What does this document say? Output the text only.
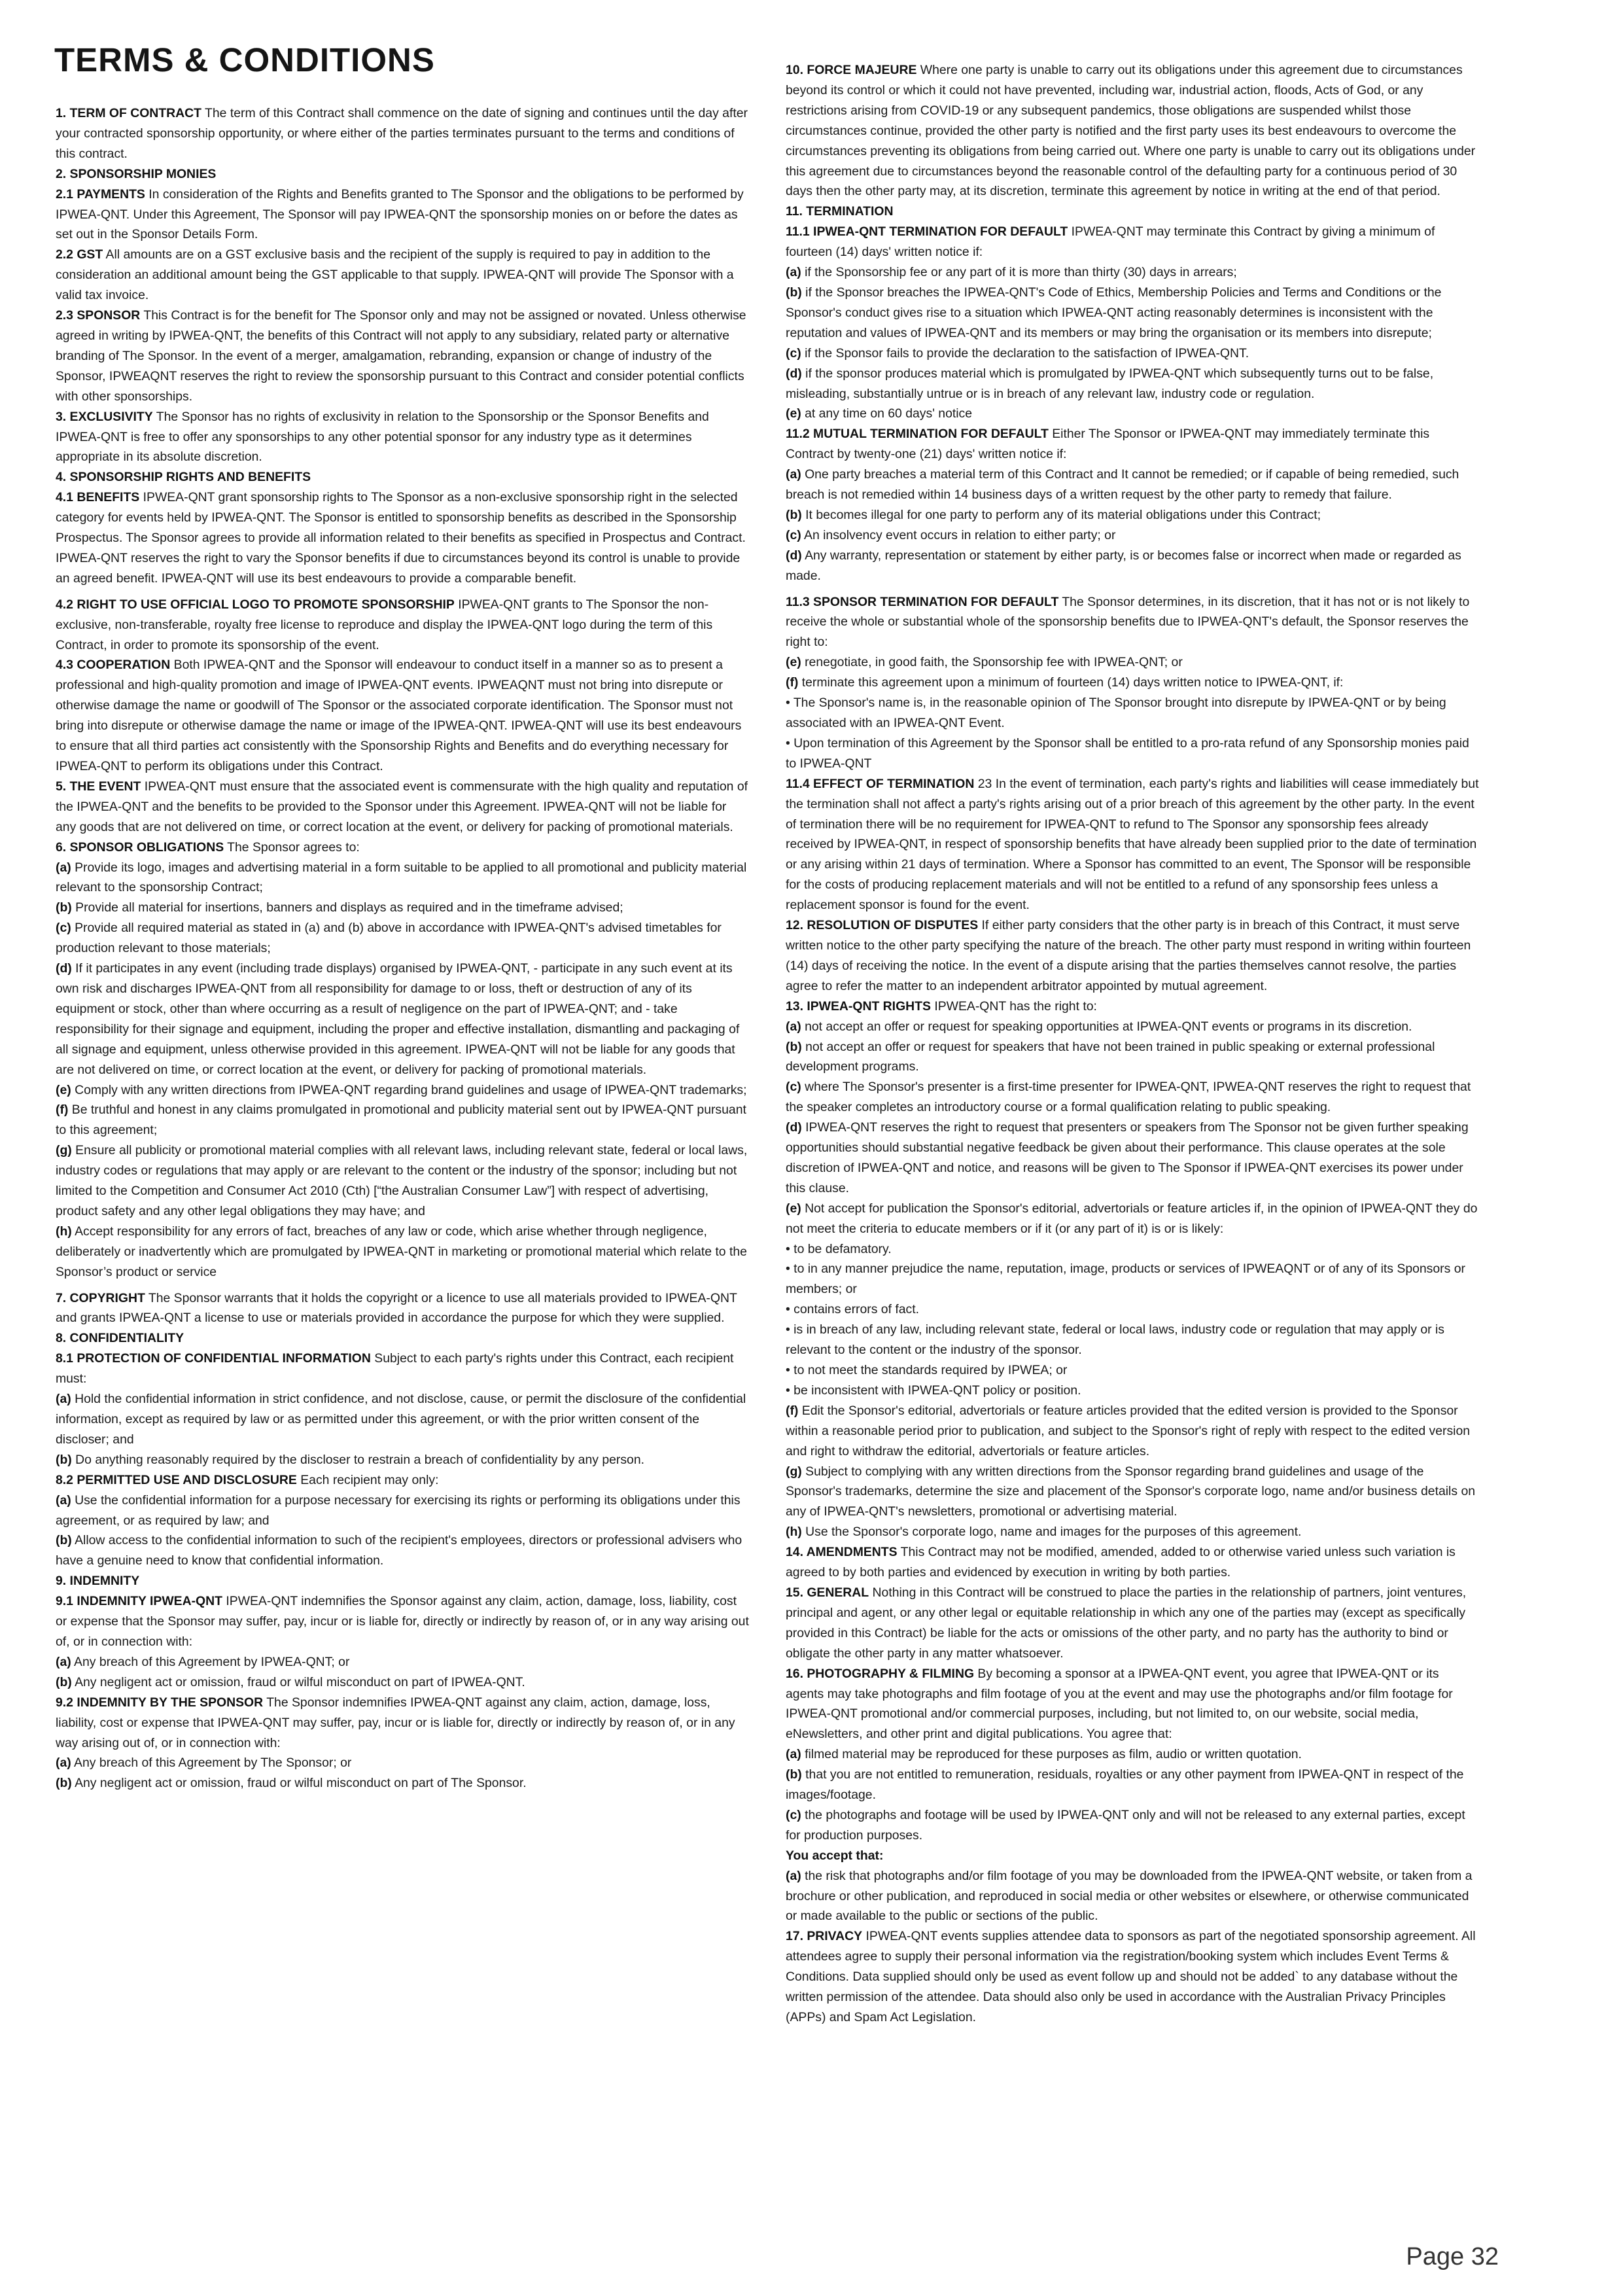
TERMS & CONDITIONS

1. TERM OF CONTRACT The term of this Contract shall commence on the date of signing and continues until the day after your contracted sponsorship opportunity, or where either of the parties terminates pursuant to the terms and conditions of this contract.

2. SPONSORSHIP MONIES

2.1 PAYMENTS In consideration of the Rights and Benefits granted to The Sponsor and the obligations to be performed by IPWEA-QNT. Under this Agreement, The Sponsor will pay IPWEA-QNT the sponsorship monies on or before the dates as set out in the Sponsor Details Form.

2.2 GST All amounts are on a GST exclusive basis and the recipient of the supply is required to pay in addition to the consideration an additional amount being the GST applicable to that supply. IPWEA-QNT will provide The Sponsor with a valid tax invoice.

2.3 SPONSOR This Contract is for the benefit for The Sponsor only and may not be assigned or novated. Unless otherwise agreed in writing by IPWEA-QNT, the benefits of this Contract will not apply to any subsidiary, related party or alternative branding of The Sponsor. In the event of a merger, amalgamation, rebranding, expansion or change of industry of the Sponsor, IPWEAQNT reserves the right to review the sponsorship pursuant to this Contract and consider potential conflicts with other sponsorships.

3. EXCLUSIVITY The Sponsor has no rights of exclusivity in relation to the Sponsorship or the Sponsor Benefits and IPWEA-QNT is free to offer any sponsorships to any other potential sponsor for any industry type as it determines appropriate in its absolute discretion.

4. SPONSORSHIP RIGHTS AND BENEFITS

4.1 BENEFITS IPWEA-QNT grant sponsorship rights to The Sponsor as a non-exclusive sponsorship right in the selected category for events held by IPWEA-QNT. The Sponsor is entitled to sponsorship benefits as described in the Sponsorship Prospectus. The Sponsor agrees to provide all information related to their benefits as specified in Prospectus and Contract. IPWEA-QNT reserves the right to vary the Sponsor benefits if due to circumstances beyond its control is unable to provide an agreed benefit. IPWEA-QNT will use its best endeavours to provide a comparable benefit.

4.2 RIGHT TO USE OFFICIAL LOGO TO PROMOTE SPONSORSHIP IPWEA-QNT grants to The Sponsor the non-exclusive, non-transferable, royalty free license to reproduce and display the IPWEA-QNT logo during the term of this Contract, in order to promote its sponsorship of the event.

4.3 COOPERATION Both IPWEA-QNT and the Sponsor will endeavour to conduct itself in a manner so as to present a professional and high-quality promotion and image of IPWEA-QNT events. IPWEAQNT must not bring into disrepute or otherwise damage the name or goodwill of The Sponsor or the associated corporate identification. The Sponsor must not bring into disrepute or otherwise damage the name or image of the IPWEA-QNT. IPWEA-QNT will use its best endeavours to ensure that all third parties act consistently with the Sponsorship Rights and Benefits and do everything necessary for IPWEA-QNT to perform its obligations under this Contract.

5. THE EVENT IPWEA-QNT must ensure that the associated event is commensurate with the high quality and reputation of the IPWEA-QNT and the benefits to be provided to the Sponsor under this Agreement. IPWEA-QNT will not be liable for any goods that are not delivered on time, or correct location at the event, or delivery for packing of promotional materials.

6. SPONSOR OBLIGATIONS The Sponsor agrees to:

(a) Provide its logo, images and advertising material in a form suitable to be applied to all promotional and publicity material relevant to the sponsorship Contract;

(b) Provide all material for insertions, banners and displays as required and in the timeframe advised;

(c) Provide all required material as stated in (a) and (b) above in accordance with IPWEA-QNT's advised timetables for production relevant to those materials;

(d) If it participates in any event (including trade displays) organised by IPWEA-QNT, - participate in any such event at its own risk and discharges IPWEA-QNT from all responsibility for damage to or loss, theft or destruction of any of its equipment or stock, other than where occurring as a result of negligence on the part of IPWEA-QNT; and - take responsibility for their signage and equipment, including the proper and effective installation, dismantling and packaging of all signage and equipment, unless otherwise provided in this agreement. IPWEA-QNT will not be liable for any goods that are not delivered on time, or correct location at the event, or delivery for packing of promotional materials.

(e) Comply with any written directions from IPWEA-QNT regarding brand guidelines and usage of IPWEA-QNT trademarks;

(f) Be truthful and honest in any claims promulgated in promotional and publicity material sent out by IPWEA-QNT pursuant to this agreement;

(g) Ensure all publicity or promotional material complies with all relevant laws, including relevant state, federal or local laws, industry codes or regulations that may apply or are relevant to the content or the industry of the sponsor; including but not limited to the Competition and Consumer Act 2010 (Cth) [“the Australian Consumer Law”] with respect of advertising, product safety and any other legal obligations they may have; and

(h) Accept responsibility for any errors of fact, breaches of any law or code, which arise whether through negligence, deliberately or inadvertently which are promulgated by IPWEA-QNT in marketing or promotional material which relate to the Sponsor’s product or service

7. COPYRIGHT The Sponsor warrants that it holds the copyright or a licence to use all materials provided to IPWEA-QNT and grants IPWEA-QNT a license to use or materials provided in accordance the purpose for which they were supplied.

8. CONFIDENTIALITY

8.1 PROTECTION OF CONFIDENTIAL INFORMATION Subject to each party's rights under this Contract, each recipient must:

(a) Hold the confidential information in strict confidence, and not disclose, cause, or permit the disclosure of the confidential information, except as required by law or as permitted under this agreement, or with the prior written consent of the discloser; and

(b) Do anything reasonably required by the discloser to restrain a breach of confidentiality by any person.

8.2 PERMITTED USE AND DISCLOSURE Each recipient may only:

(a) Use the confidential information for a purpose necessary for exercising its rights or performing its obligations under this agreement, or as required by law; and

(b) Allow access to the confidential information to such of the recipient's employees, directors or professional advisers who have a genuine need to know that confidential information.

9. INDEMNITY

9.1 INDEMNITY IPWEA-QNT IPWEA-QNT indemnifies the Sponsor against any claim, action, damage, loss, liability, cost or expense that the Sponsor may suffer, pay, incur or is liable for, directly or indirectly by reason of, or in any way arising out of, or in connection with:

(a) Any breach of this Agreement by IPWEA-QNT; or

(b) Any negligent act or omission, fraud or wilful misconduct on part of IPWEA-QNT.

9.2 INDEMNITY BY THE SPONSOR The Sponsor indemnifies IPWEA-QNT against any claim, action, damage, loss, liability, cost or expense that IPWEA-QNT may suffer, pay, incur or is liable for, directly or indirectly by reason of, or in any way arising out of, or in connection with:

(a) Any breach of this Agreement by The Sponsor; or

(b) Any negligent act or omission, fraud or wilful misconduct on part of The Sponsor.

10. FORCE MAJEURE Where one party is unable to carry out its obligations under this agreement due to circumstances beyond its control or which it could not have prevented, including war, industrial action, floods, Acts of God, or any restrictions arising from COVID-19 or any subsequent pandemics, those obligations are suspended whilst those circumstances continue, provided the other party is notified and the first party uses its best endeavours to overcome the circumstances preventing its obligations from being carried out. Where one party is unable to carry out its obligations under this agreement due to circumstances beyond the reasonable control of the defaulting party for a continuous period of 30 days then the other party may, at its discretion, terminate this agreement by notice in writing at the end of that period.

11. TERMINATION

11.1 IPWEA-QNT TERMINATION FOR DEFAULT IPWEA-QNT may terminate this Contract by giving a minimum of fourteen (14) days' written notice if:

(a) if the Sponsorship fee or any part of it is more than thirty (30) days in arrears;

(b) if the Sponsor breaches the IPWEA-QNT's Code of Ethics, Membership Policies and Terms and Conditions or the Sponsor's conduct gives rise to a situation which IPWEA-QNT acting reasonably determines is inconsistent with the reputation and values of IPWEA-QNT and its members or may bring the organisation or its members into disrepute;

(c) if the Sponsor fails to provide the declaration to the satisfaction of IPWEA-QNT.

(d) if the sponsor produces material which is promulgated by IPWEA-QNT which subsequently turns out to be false, misleading, substantially untrue or is in breach of any relevant law, industry code or regulation.

(e) at any time on 60 days' notice

11.2 MUTUAL TERMINATION FOR DEFAULT Either The Sponsor or IPWEA-QNT may immediately terminate this Contract by twenty-one (21) days' written notice if:

(a) One party breaches a material term of this Contract and It cannot be remedied; or if capable of being remedied, such breach is not remedied within 14 business days of a written request by the other party to remedy that failure.

(b) It becomes illegal for one party to perform any of its material obligations under this Contract;

(c) An insolvency event occurs in relation to either party; or

(d) Any warranty, representation or statement by either party, is or becomes false or incorrect when made or regarded as made.

11.3 SPONSOR TERMINATION FOR DEFAULT The Sponsor determines, in its discretion, that it has not or is not likely to receive the whole or substantial whole of the sponsorship benefits due to IPWEA-QNT's default, the Sponsor reserves the right to:

(e) renegotiate, in good faith, the Sponsorship fee with IPWEA-QNT; or

(f) terminate this agreement upon a minimum of fourteen (14) days written notice to IPWEA-QNT, if:

• The Sponsor's name is, in the reasonable opinion of The Sponsor brought into disrepute by IPWEA-QNT or by being associated with an IPWEA-QNT Event.

• Upon termination of this Agreement by the Sponsor shall be entitled to a pro-rata refund of any Sponsorship monies paid to IPWEA-QNT

11.4 EFFECT OF TERMINATION 23 In the event of termination, each party's rights and liabilities will cease immediately but the termination shall not affect a party's rights arising out of a prior breach of this agreement by the other party. In the event of termination there will be no requirement for IPWEA-QNT to refund to The Sponsor any sponsorship fees already received by IPWEA-QNT, in respect of sponsorship benefits that have already been supplied prior to the date of termination or any arising within 21 days of termination. Where a Sponsor has committed to an event, The Sponsor will be responsible for the costs of producing replacement materials and will not be entitled to a refund of any sponsorship fees unless a replacement sponsor is found for the event.

12. RESOLUTION OF DISPUTES If either party considers that the other party is in breach of this Contract, it must serve written notice to the other party specifying the nature of the breach. The other party must respond in writing within fourteen (14) days of receiving the notice. In the event of a dispute arising that the parties themselves cannot resolve, the parties agree to refer the matter to an independent arbitrator appointed by mutual agreement.

13. IPWEA-QNT RIGHTS IPWEA-QNT has the right to:

(a) not accept an offer or request for speaking opportunities at IPWEA-QNT events or programs in its discretion.

(b) not accept an offer or request for speakers that have not been trained in public speaking or external professional development programs.

(c) where The Sponsor's presenter is a first-time presenter for IPWEA-QNT, IPWEA-QNT reserves the right to request that the speaker completes an introductory course or a formal qualification relating to public speaking.

(d) IPWEA-QNT reserves the right to request that presenters or speakers from The Sponsor not be given further speaking opportunities should substantial negative feedback be given about their performance. This clause operates at the sole discretion of IPWEA-QNT and notice, and reasons will be given to The Sponsor if IPWEA-QNT exercises its power under this clause.

(e) Not accept for publication the Sponsor's editorial, advertorials or feature articles if, in the opinion of IPWEA-QNT they do not meet the criteria to educate members or if it (or any part of it) is or is likely:

• to be defamatory.

• to in any manner prejudice the name, reputation, image, products or services of IPWEAQNT or of any of its Sponsors or members; or

• contains errors of fact.

• is in breach of any law, including relevant state, federal or local laws, industry code or regulation that may apply or is relevant to the content or the industry of the sponsor.

• to not meet the standards required by IPWEA; or

• be inconsistent with IPWEA-QNT policy or position.

(f) Edit the Sponsor's editorial, advertorials or feature articles provided that the edited version is provided to the Sponsor within a reasonable period prior to publication, and subject to the Sponsor's right of reply with respect to the edited version and right to withdraw the editorial, advertorials or feature articles.

(g) Subject to complying with any written directions from the Sponsor regarding brand guidelines and usage of the Sponsor's trademarks, determine the size and placement of the Sponsor's corporate logo, name and/or business details on any of IPWEA-QNT's newsletters, promotional or advertising material.

(h) Use the Sponsor's corporate logo, name and images for the purposes of this agreement.

14. AMENDMENTS This Contract may not be modified, amended, added to or otherwise varied unless such variation is agreed to by both parties and evidenced by execution in writing by both parties.

15. GENERAL Nothing in this Contract will be construed to place the parties in the relationship of partners, joint ventures, principal and agent, or any other legal or equitable relationship in which any one of the parties may (except as specifically provided in this Contract) be liable for the acts or omissions of the other party, and no party has the authority to bind or obligate the other party in any matter whatsoever.

16. PHOTOGRAPHY & FILMING By becoming a sponsor at a IPWEA-QNT event, you agree that IPWEA-QNT or its agents may take photographs and film footage of you at the event and may use the photographs and/or film footage for IPWEA-QNT promotional and/or commercial purposes, including, but not limited to, on our website, social media, eNewsletters, and other print and digital publications. You agree that:

(a) filmed material may be reproduced for these purposes as film, audio or written quotation.

(b) that you are not entitled to remuneration, residuals, royalties or any other payment from IPWEA-QNT in respect of the images/footage.

(c) the photographs and footage will be used by IPWEA-QNT only and will not be released to any external parties, except for production purposes.

You accept that:

(a) the risk that photographs and/or film footage of you may be downloaded from the IPWEA-QNT website, or taken from a brochure or other publication, and reproduced in social media or other websites or elsewhere, or otherwise communicated or made available to the public or sections of the public.

17. PRIVACY IPWEA-QNT events supplies attendee data to sponsors as part of the negotiated sponsorship agreement. All attendees agree to supply their personal information via the registration/booking system which includes Event Terms & Conditions. Data supplied should only be used as event follow up and should not be added` to any database without the written permission of the attendee. Data should also only be used in accordance with the Australian Privacy Principles (APPs) and Spam Act Legislation.

Page 32
